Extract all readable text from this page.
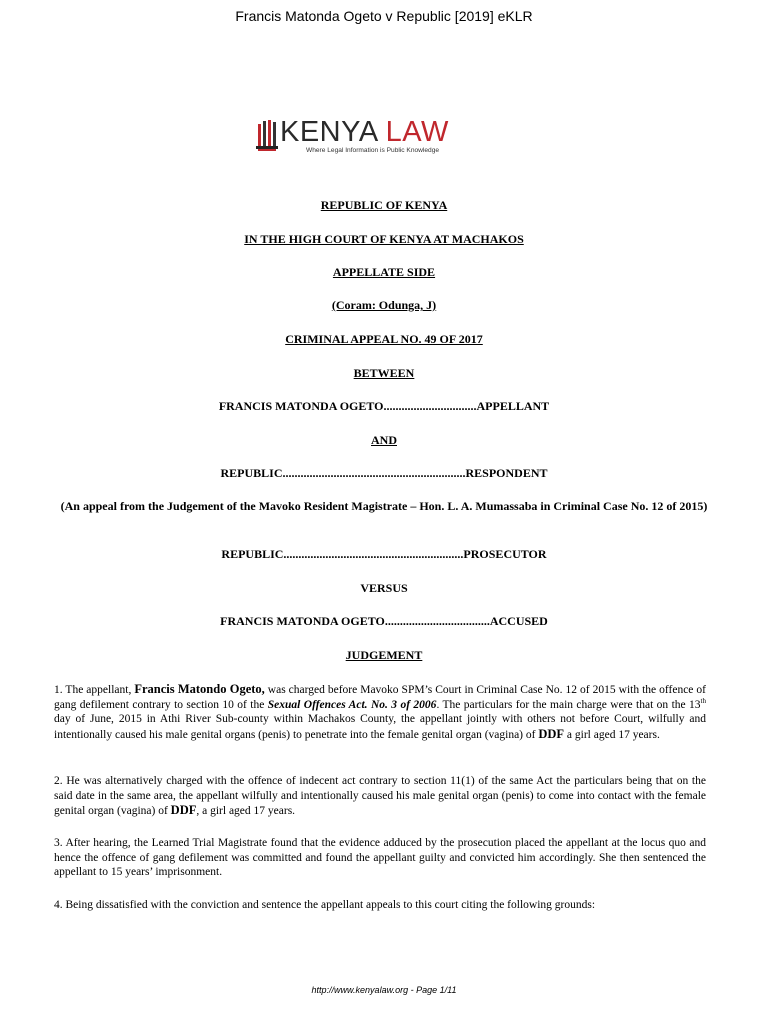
Francis Matonda Ogeto v Republic [2019] eKLR
KENYA LAW
Where Legal Information is Public Knowledge
REPUBLIC OF KENYA
IN THE HIGH COURT OF KENYA AT MACHAKOS
APPELLATE SIDE
(Coram: Odunga, J)
CRIMINAL APPEAL NO. 49 OF 2017
BETWEEN
FRANCIS MATONDA OGETO...............................APPELLANT
AND
REPUBLIC.............................................................RESPONDENT
(An appeal from the Judgement of the Mavoko Resident Magistrate – Hon. L. A. Mumassaba in Criminal Case No. 12 of 2015)
REPUBLIC............................................................PROSECUTOR
VERSUS
FRANCIS MATONDA OGETO...................................ACCUSED
JUDGEMENT
1. The appellant, Francis Matondo Ogeto, was charged before Mavoko SPM’s Court in Criminal Case No. 12 of 2015 with the offence of gang defilement contrary to section 10 of the Sexual Offences Act. No. 3 of 2006. The particulars for the main charge were that on the 13th day of June, 2015 in Athi River Sub-county within Machakos County, the appellant jointly with others not before Court, wilfully and intentionally caused his male genital organs (penis) to penetrate into the female genital organ (vagina) of DDF a girl aged 17 years.
2. He was alternatively charged with the offence of indecent act contrary to section 11(1) of the same Act the particulars being that on the said date in the same area, the appellant wilfully and intentionally caused his male genital organ (penis) to come into contact with the female genital organ (vagina) of DDF, a girl aged 17 years.
3. After hearing, the Learned Trial Magistrate found that the evidence adduced by the prosecution placed the appellant at the locus quo and hence the offence of gang defilement was committed and found the appellant guilty and convicted him accordingly. She then sentenced the appellant to 15 years’ imprisonment.
4. Being dissatisfied with the conviction and sentence the appellant appeals to this court citing the following grounds:
http://www.kenyalaw.org - Page 1/11
